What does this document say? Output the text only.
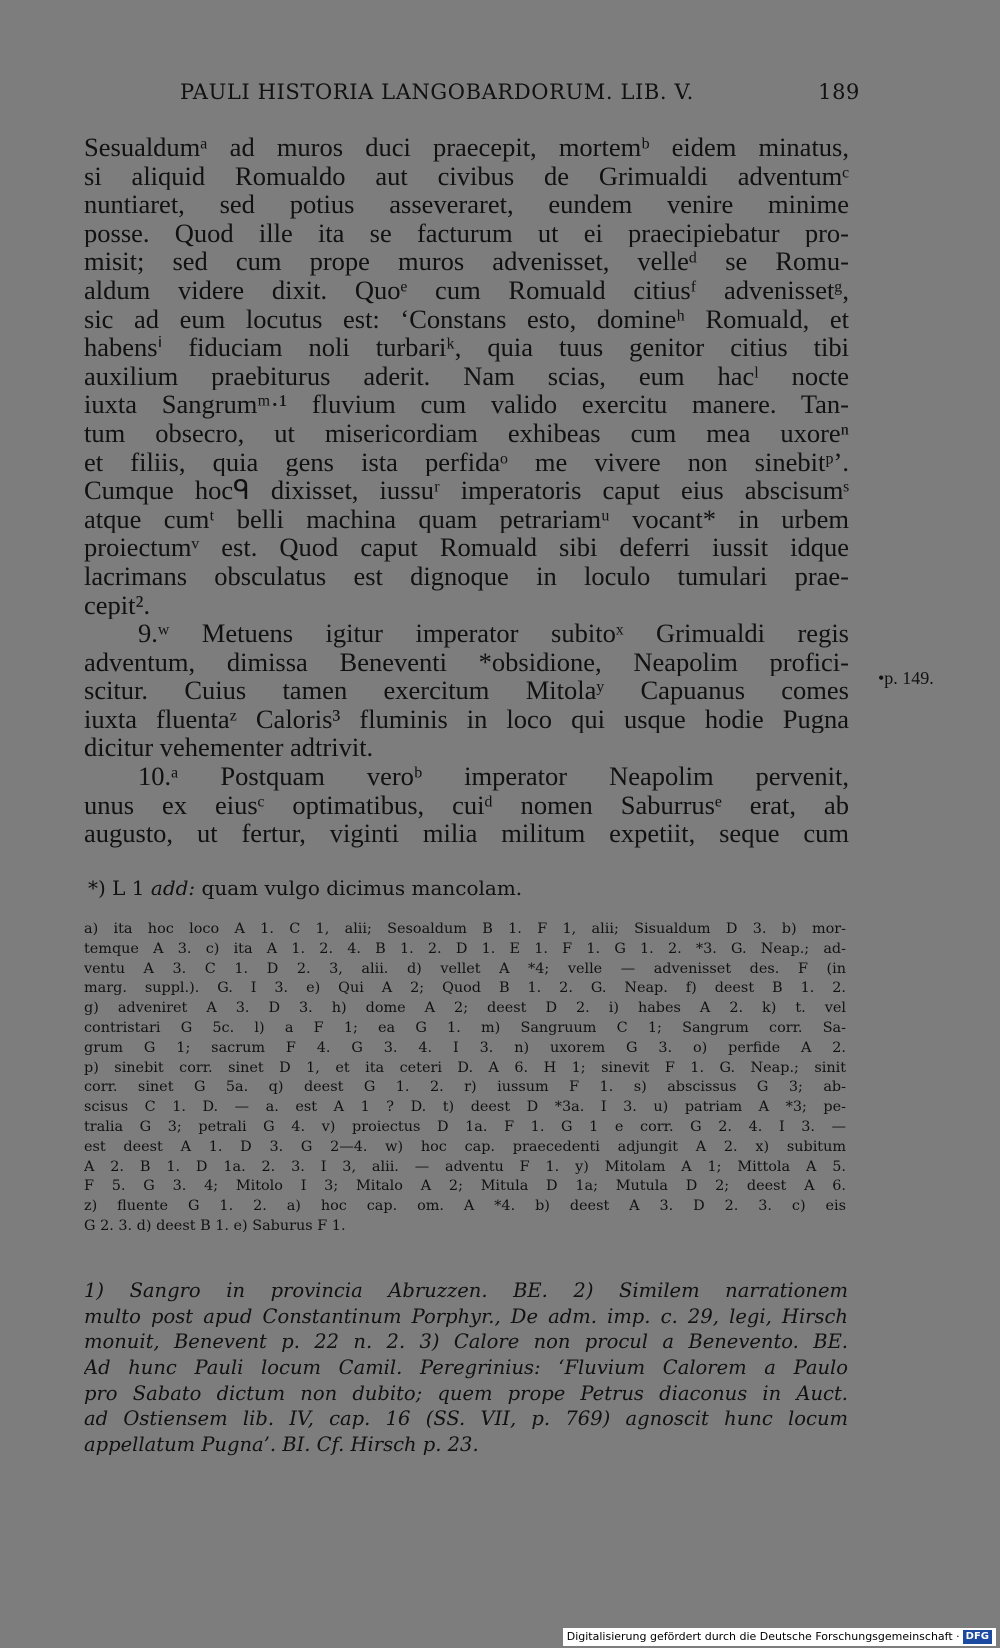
PAULI HISTORIA LANGOBARDORUM. LIB. V.	189
Sesualdumᵃ ad muros duci praecepit, mortemᵇ eidem minatus,
si aliquid Romualdo aut civibus de Grimualdi adventumᶜ
nuntiaret, sed potius asseveraret, eundem venire minime
posse. Quod ille ita se facturum ut ei praecipiebatur pro-
misit; sed cum prope muros advenisset, velleᵈ se Romu-
aldum videre dixit. Quoᵉ cum Romuald citiusᶠ advenissetᵍ,
sic ad eum locutus est: ‘Constans esto, domineʰ Romuald, et
habensⁱ fiduciam noli turbariᵏ, quia tuus genitor citius tibi
auxilium praebiturus aderit. Nam scias, eum hacˡ nocte
iuxta Sangrumᵐ·¹ fluvium cum valido exercitu manere. Tan-
tum obsecro, ut misericordiam exhibeas cum mea uxoreⁿ
et filiis, quia gens ista perfidaᵒ me vivere non sinebitᵖ’.
Cumque hocᑫ dixisset, iussuʳ imperatoris caput eius abscisumˢ
atque cumᵗ belli machina quam petrariamᵘ vocant* in urbem
proiectumᵛ est. Quod caput Romuald sibi deferri iussit idque
lacrimans obsculatus est dignoque in loculo tumulari prae-
cepit².
9.ʷ Metuens igitur imperator subitoˣ Grimualdi regis
adventum, dimissa Beneventi *obsidione, Neapolim profici-
scitur. Cuius tamen exercitum Mitolaʸ Capuanus comes
iuxta fluentaᶻ Caloris³ fluminis in loco qui usque hodie Pugna
dicitur vehementer adtrivit.
10.ᵃ Postquam veroᵇ imperator Neapolim pervenit,
unus ex eiusᶜ optimatibus, cuiᵈ nomen Saburrusᵉ erat, ab
augusto, ut fertur, viginti milia militum expetiit, seque cum
•p. 149.
*) L 1 add: quam vulgo dicimus mancolam.
a) ita hoc loco A 1. C 1, alii; Sesoaldum B 1. F 1, alii; Sisualdum D 3. b) mor-
temque A 3. c) ita A 1. 2. 4. B 1. 2. D 1. E 1. F 1. G 1. 2. *3. G. Neap.; ad-
ventu A 3. C 1. D 2. 3, alii. d) vellet A *4; velle — advenisset des. F (in
marg. suppl.). G. I 3. e) Qui A 2; Quod B 1. 2. G. Neap. f) deest B 1. 2.
g) adveniret A 3. D 3. h) dome A 2; deest D 2. i) habes A 2. k) t. vel
contristari G 5c. l) a F 1; ea G 1. m) Sangruum C 1; Sangrum corr. Sa-
grum G 1; sacrum F 4. G 3. 4. I 3. n) uxorem G 3. o) perfide A 2.
p) sinebit corr. sinet D 1, et ita ceteri D. A 6. H 1; sinevit F 1. G. Neap.; sinit
corr. sinet G 5a. q) deest G 1. 2. r) iussum F 1. s) abscissus G 3; ab-
scisus C 1. D. — a. est A 1 ? D. t) deest D *3a. I 3. u) patriam A *3; pe-
tralia G 3; petrali G 4. v) proiectus D 1a. F 1. G 1 e corr. G 2. 4. I 3. —
est deest A 1. D 3. G 2—4. w) hoc cap. praecedenti adjungit A 2. x) subitum
A 2. B 1. D 1a. 2. 3. I 3, alii. — adventu F 1. y) Mitolam A 1; Mittola A 5.
F 5. G 3. 4; Mitolo I 3; Mitalo A 2; Mitula D 1a; Mutula D 2; deest A 6.
z) fluente G 1. 2. a) hoc cap. om. A *4. b) deest A 3. D 2. 3. c) eis
G 2. 3. d) deest B 1. e) Saburus F 1.
1) Sangro in provincia Abruzzen. BE. 2) Similem narrationem
multo post apud Constantinum Porphyr., De adm. imp. c. 29, legi, Hirsch
monuit, Benevent p. 22 n. 2. 3) Calore non procul a Benevento. BE.
Ad hunc Pauli locum Camil. Peregrinius: ‘Fluvium Calorem a Paulo
pro Sabato dictum non dubito; quem prope Petrus diaconus in Auct.
ad Ostiensem lib. IV, cap. 16 (SS. VII, p. 769) agnoscit hunc locum
appellatum Pugna’. BI. Cf. Hirsch p. 23.
Digitalisierung gefördert durch die Deutsche Forschungsgemeinschaft · DFG
